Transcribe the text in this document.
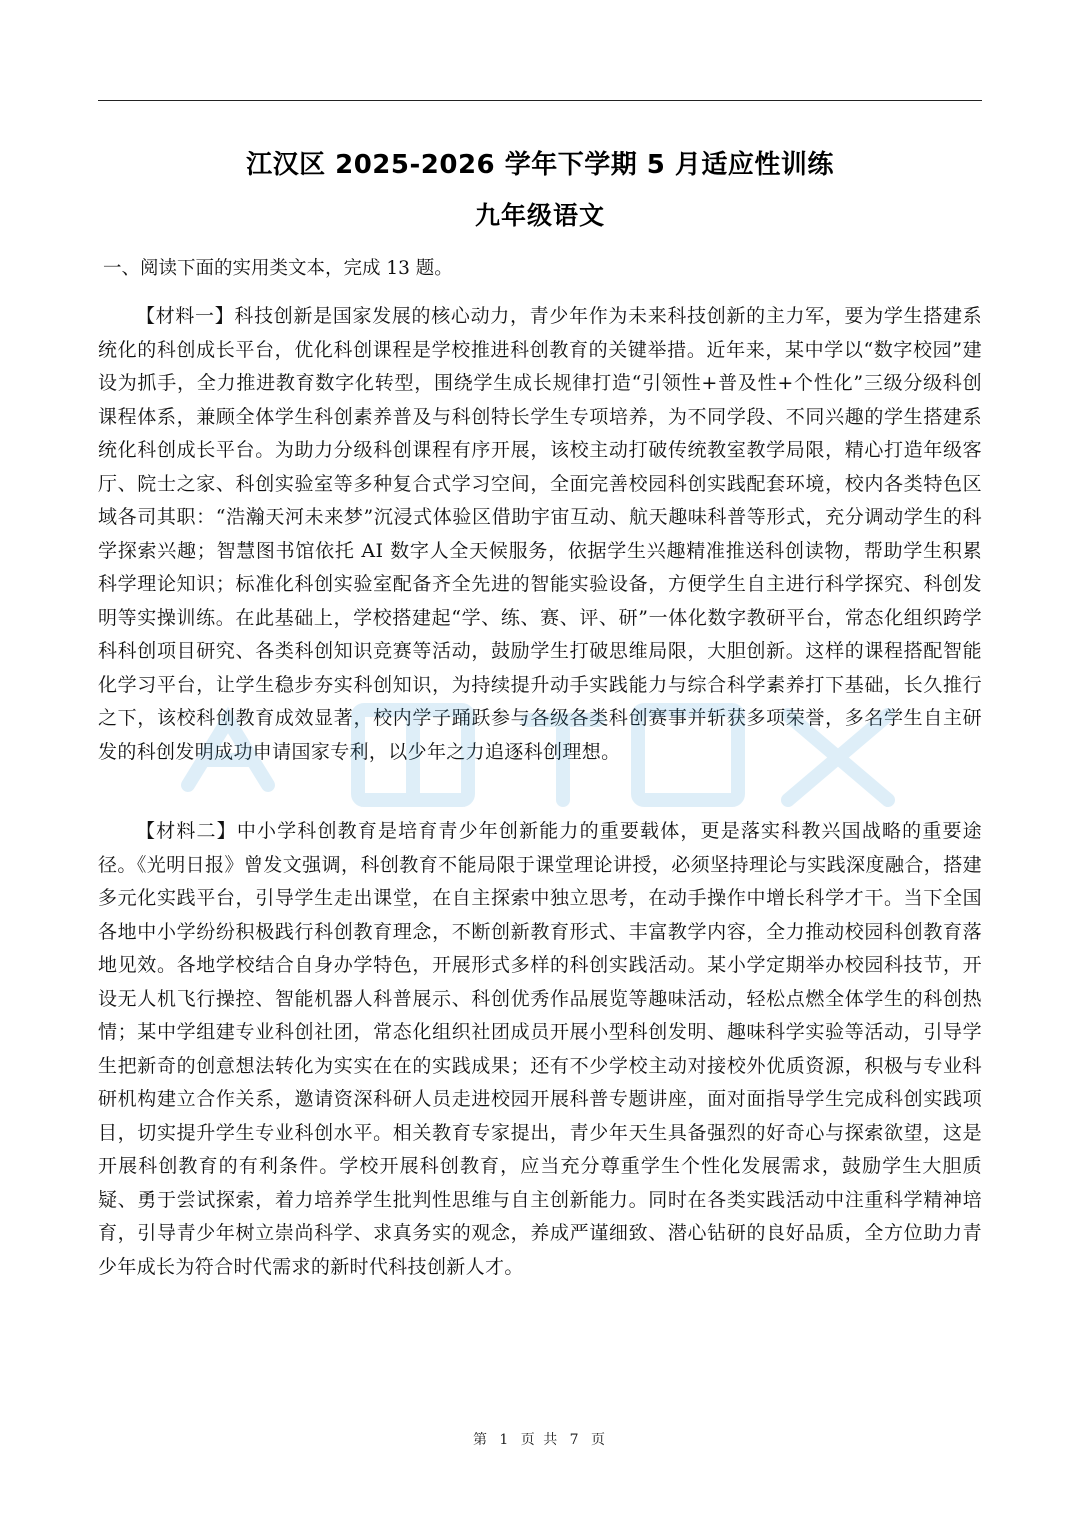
江汉区 2025-2026 学年下学期 5 月适应性训练
九年级语文
一、阅读下面的实用类文本，完成 13 题。
【材料一】科技创新是国家发展的核心动力，青少年作为未来科技创新的主力军，要为学生搭建系统化的科创成长平台，优化科创课程是学校推进科创教育的关键举措。近年来，某中学以“数字校园”建设为抓手，全力推进教育数字化转型，围绕学生成长规律打造“引领性+普及性+个性化”三级分级科创课程体系，兼顾全体学生科创素养普及与科创特长学生专项培养，为不同学段、不同兴趣的学生搭建系统化科创成长平台。为助力分级科创课程有序开展，该校主动打破传统教室教学局限，精心打造年级客厅、院士之家、科创实验室等多种复合式学习空间，全面完善校园科创实践配套环境，校内各类特色区域各司其职：“浩瀚天河未来梦”沉浸式体验区借助宇宙互动、航天趣味科普等形式，充分调动学生的科学探索兴趣；智慧图书馆依托 AI 数字人全天候服务，依据学生兴趣精准推送科创读物，帮助学生积累科学理论知识；标准化科创实验室配备齐全先进的智能实验设备，方便学生自主进行科学探究、科创发明等实操训练。在此基础上，学校搭建起“学、练、赛、评、研”一体化数字教研平台，常态化组织跨学科科创项目研究、各类科创知识竞赛等活动，鼓励学生打破思维局限，大胆创新。这样的课程搭配智能化学习平台，让学生稳步夯实科创知识，为持续提升动手实践能力与综合科学素养打下基础，长久推行之下，该校科创教育成效显著，校内学子踊跃参与各级各类科创赛事并斩获多项荣誉，多名学生自主研发的科创发明成功申请国家专利，以少年之力追逐科创理想。
【材料二】中小学科创教育是培育青少年创新能力的重要载体，更是落实科教兴国战略的重要途径。《光明日报》曾发文强调，科创教育不能局限于课堂理论讲授，必须坚持理论与实践深度融合，搭建多元化实践平台，引导学生走出课堂，在自主探索中独立思考，在动手操作中增长科学才干。当下全国各地中小学纷纷积极践行科创教育理念，不断创新教育形式、丰富教学内容，全力推动校园科创教育落地见效。各地学校结合自身办学特色，开展形式多样的科创实践活动。某小学定期举办校园科技节，开设无人机飞行操控、智能机器人科普展示、科创优秀作品展览等趣味活动，轻松点燃全体学生的科创热情；某中学组建专业科创社团，常态化组织社团成员开展小型科创发明、趣味科学实验等活动，引导学生把新奇的创意想法转化为实实在在的实践成果；还有不少学校主动对接校外优质资源，积极与专业科研机构建立合作关系，邀请资深科研人员走进校园开展科普专题讲座，面对面指导学生完成科创实践项目，切实提升学生专业科创水平。相关教育专家提出，青少年天生具备强烈的好奇心与探索欲望，这是开展科创教育的有利条件。学校开展科创教育，应当充分尊重学生个性化发展需求，鼓励学生大胆质疑、勇于尝试探索，着力培养学生批判性思维与自主创新能力。同时在各类实践活动中注重科学精神培育，引导青少年树立崇尚科学、求真务实的观念，养成严谨细致、潜心钻研的良好品质，全方位助力青少年成长为符合时代需求的新时代科技创新人才。
第 1 页 共 7 页
